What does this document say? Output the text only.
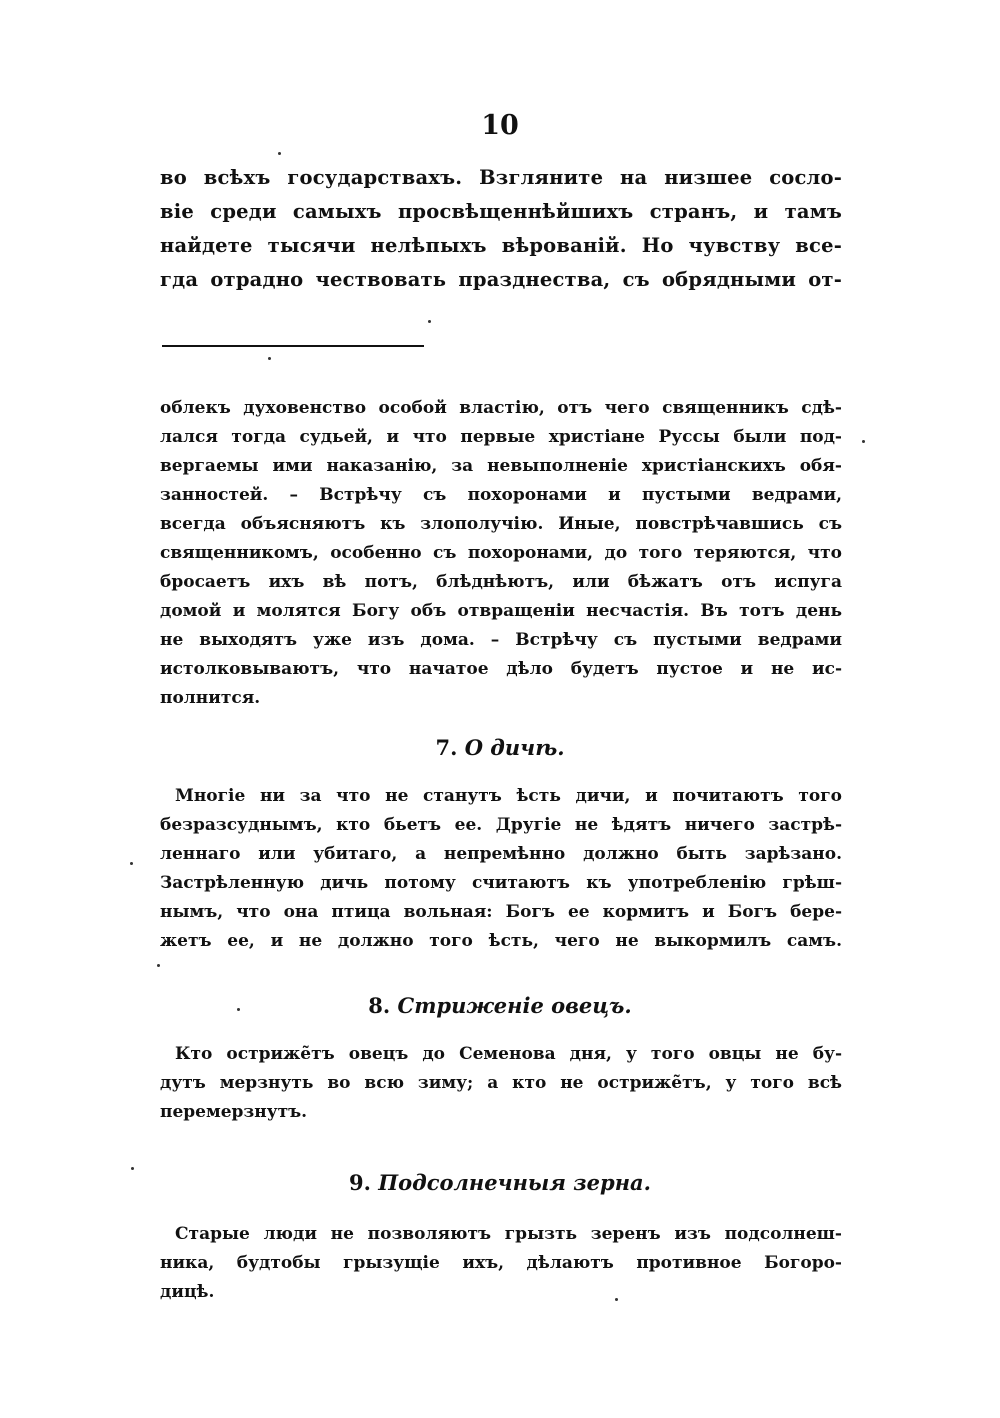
10

во всѣхъ государствахъ. Взгляните на низшее сосло-

віе среди самыхъ просвѣщеннѣйшихъ странъ, и тамъ

найдете тысячи нелѣпыхъ вѣрованій. Но чувству все-

гда отрадно чествовать празднества, съ обрядными от-

облекъ духовенство особой властію, отъ чего священникъ сдѣ-

лался тогда судьей, и что первые христіане Руссы были под-

вергаемы ими наказанію, за невыполненіе христіанскихъ обя-

занностей. – Встрѣчу съ похоронами и пустыми ведрами,

всегда объясняютъ къ злополучію. Иные, повстрѣчавшись съ

священникомъ, особенно съ похоронами, до того теряются, что

бросаетъ ихъ вѣ потъ, блѣднѣютъ, или бѣжатъ отъ испуга

домой и молятся Богу объ отвращеніи несчастія. Въ тотъ день

не выходятъ уже изъ дома. – Встрѣчу съ пустыми ведрами

истолковываютъ, что начатое дѣло будетъ пустое и не ис-

полнится.

7. О дичѣ.

Многіе ни за что не станутъ ѣсть дичи, и почитаютъ того

безразсуднымъ, кто бьетъ ее. Другіе не ѣдятъ ничего застрѣ-

леннаго или убитаго, а непремѣнно должно быть зарѣзано.

Застрѣленную дичь потому считаютъ къ употребленію грѣш-

нымъ, что она птица вольная: Богъ ее кормитъ и Богъ бере-

жетъ ее, и не должно того ѣсть, чего не выкормилъ самъ.

8. Стриженіе овецъ.

Кто остриже̃тъ овецъ до Семенова дня, у того овцы не бу-

дутъ мерзнуть во всю зиму; а кто не остриже̃тъ, у того всѣ

перемерзнутъ.

9. Подсолнечныя зерна.

Старые люди не позволяютъ грызть зеренъ изъ подсолнеш-

ника, будтобы грызущіе ихъ, дѣлаютъ противное Богоро-

дицѣ.
